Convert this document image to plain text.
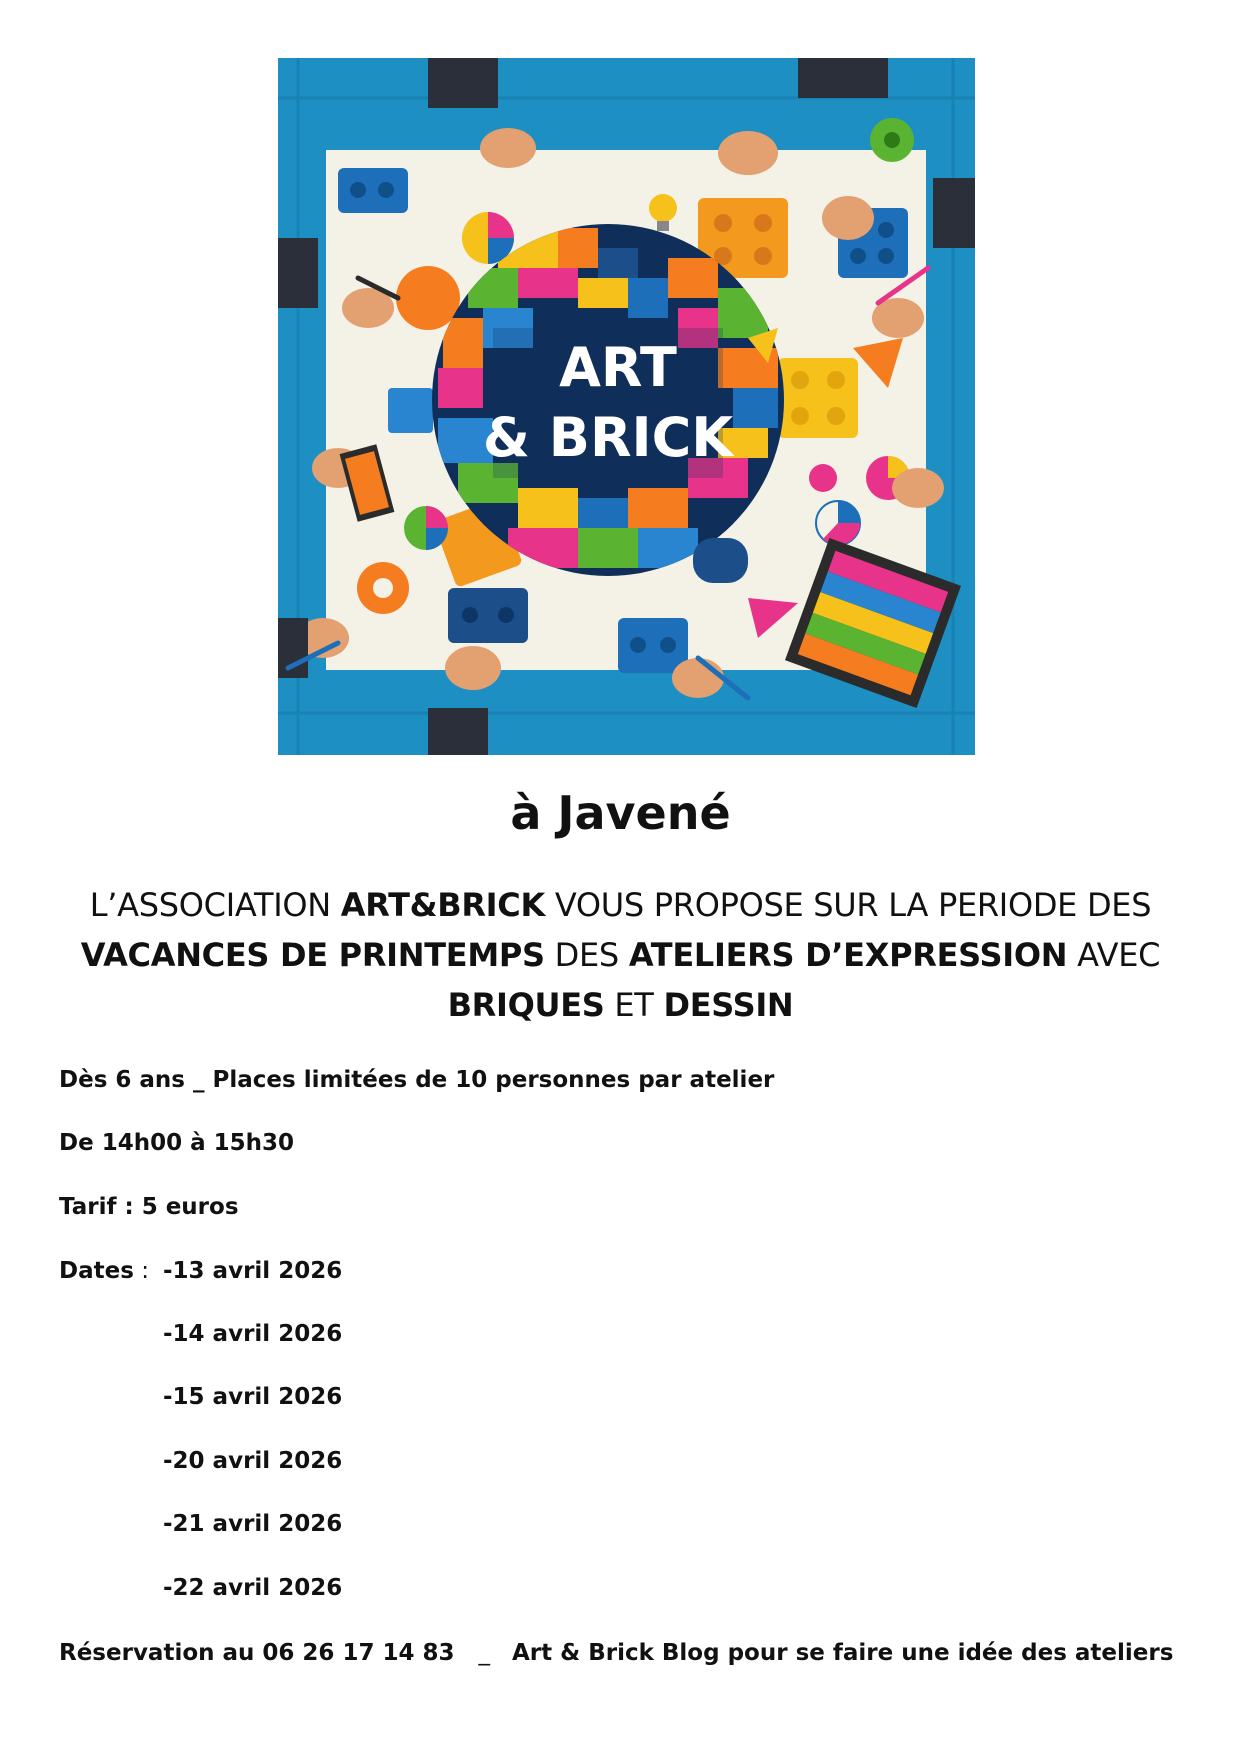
ART
& BRICK
à Javené

L’ASSOCIATION ART&BRICK VOUS PROPOSE SUR LA PERIODE DES VACANCES DE PRINTEMPS DES ATELIERS D’EXPRESSION AVEC BRIQUES ET DESSIN

Dès 6 ans _ Places limitées de 10 personnes par atelier
De 14h00 à 15h30
Tarif : 5 euros
Dates : -13 avril 2026
-14 avril 2026
-15 avril 2026
-20 avril 2026
-21 avril 2026
-22 avril 2026
Réservation au 06 26 17 14 83 _ Art & Brick Blog pour se faire une idée des ateliers
